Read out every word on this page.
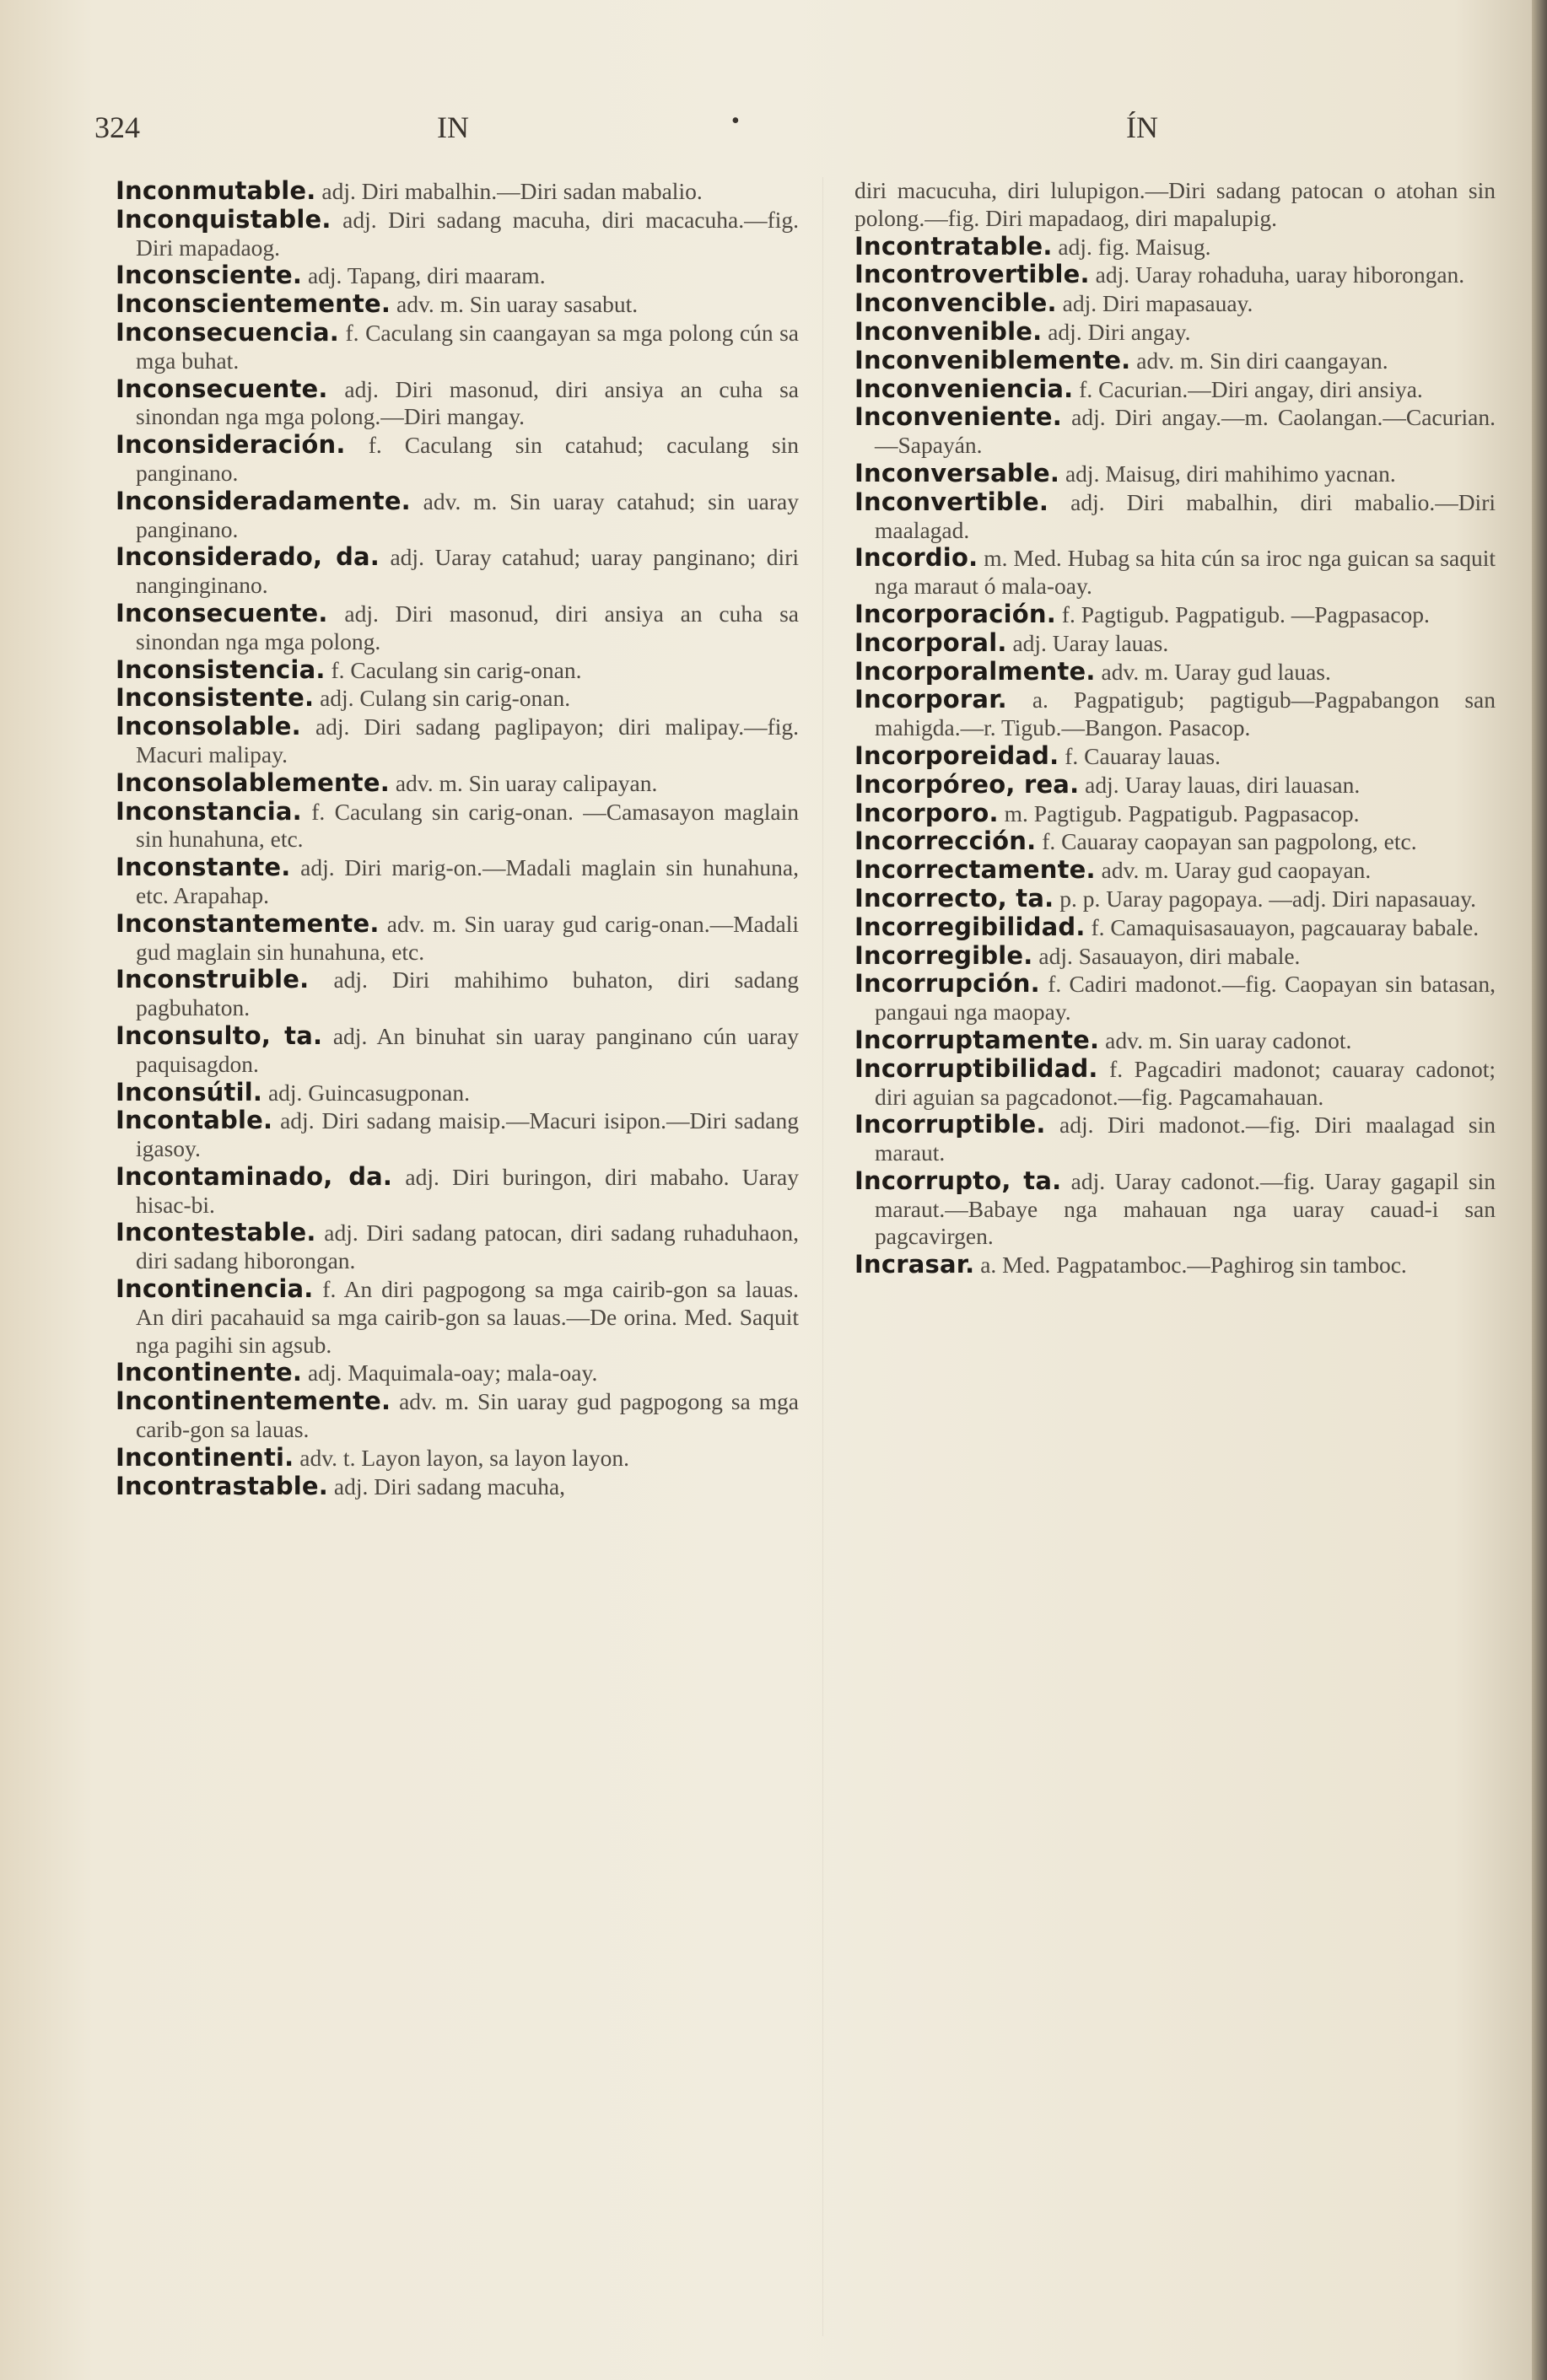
324	IN	•	ÍN

Inconmutable. adj. Diri mabalhin.—Diri sadan mabalio.

Inconquistable. adj. Diri sadang macuha, diri macacuha.—fig. Diri mapadaog.

Inconsciente. adj. Tapang, diri maaram.

Inconscientemente. adv. m. Sin uaray sasabut.

Inconsecuencia. f. Caculang sin caangayan sa mga polong cún sa mga buhat.

Inconsecuente. adj. Diri masonud, diri ansiya an cuha sa sinondan nga mga polong.—Diri mangay.

Inconsideración. f. Caculang sin catahud; caculang sin panginano.

Inconsideradamente. adv. m. Sin uaray catahud; sin uaray panginano.

Inconsiderado, da. adj. Uaray catahud; uaray panginano; diri nanginginano.

Inconsecuente. adj. Diri masonud, diri ansiya an cuha sa sinondan nga mga polong.

Inconsistencia. f. Caculang sin carig-onan.

Inconsistente. adj. Culang sin carig-onan.

Inconsolable. adj. Diri sadang paglipayon; diri malipay.—fig. Macuri malipay.

Inconsolablemente. adv. m. Sin uaray calipayan.

Inconstancia. f. Caculang sin carig-onan. —Camasayon maglain sin hunahuna, etc.

Inconstante. adj. Diri marig-on.—Madali maglain sin hunahuna, etc. Arapahap.

Inconstantemente. adv. m. Sin uaray gud carig-onan.—Madali gud maglain sin hunahuna, etc.

Inconstruible. adj. Diri mahihimo buhaton, diri sadang pagbuhaton.

Inconsulto, ta. adj. An binuhat sin uaray panginano cún uaray paquisagdon.

Inconsútil. adj. Guincasugponan.

Incontable. adj. Diri sadang maisip.—Macuri isipon.—Diri sadang igasoy.

Incontaminado, da. adj. Diri buringon, diri mabaho. Uaray hisac-bi.

Incontestable. adj. Diri sadang patocan, diri sadang ruhaduhaon, diri sadang hiborongan.

Incontinencia. f. An diri pagpogong sa mga cairib-gon sa lauas. An diri pacahauid sa mga cairib-gon sa lauas.—De orina. Med. Saquit nga pagihi sin agsub.

Incontinente. adj. Maquimala-oay; mala-oay.

Incontinentemente. adv. m. Sin uaray gud pagpogong sa mga carib-gon sa lauas.

Incontinenti. adv. t. Layon layon, sa layon layon.

Incontrastable. adj. Diri sadang macuha,

diri macucuha, diri lulupigon.—Diri sadang patocan o atohan sin polong.—fig. Diri mapadaog, diri mapalupig.

Incontratable. adj. fig. Maisug.

Incontrovertible. adj. Uaray rohaduha, uaray hiborongan.

Inconvencible. adj. Diri mapasauay.

Inconvenible. adj. Diri angay.

Inconveniblemente. adv. m. Sin diri caangayan.

Inconveniencia. f. Cacurian.—Diri angay, diri ansiya.

Inconveniente. adj. Diri angay.—m. Caolangan.—Cacurian.—Sapayán.

Inconversable. adj. Maisug, diri mahihimo yacnan.

Inconvertible. adj. Diri mabalhin, diri mabalio.—Diri maalagad.

Incordio. m. Med. Hubag sa hita cún sa iroc nga guican sa saquit nga maraut ó mala-oay.

Incorporación. f. Pagtigub. Pagpatigub. —Pagpasacop.

Incorporal. adj. Uaray lauas.

Incorporalmente. adv. m. Uaray gud lauas.

Incorporar. a. Pagpatigub; pagtigub—Pagpabangon san mahigda.—r. Tigub.—Bangon. Pasacop.

Incorporeidad. f. Cauaray lauas.

Incorpóreo, rea. adj. Uaray lauas, diri lauasan.

Incorporo. m. Pagtigub. Pagpatigub. Pagpasacop.

Incorrección. f. Cauaray caopayan san pagpolong, etc.

Incorrectamente. adv. m. Uaray gud caopayan.

Incorrecto, ta. p. p. Uaray pagopaya. —adj. Diri napasauay.

Incorregibilidad. f. Camaquisasauayon, pagcauaray babale.

Incorregible. adj. Sasauayon, diri mabale.

Incorrupción. f. Cadiri madonot.—fig. Caopayan sin batasan, pangaui nga maopay.

Incorruptamente. adv. m. Sin uaray cadonot.

Incorruptibilidad. f. Pagcadiri madonot; cauaray cadonot; diri aguian sa pagcadonot.—fig. Pagcamahauan.

Incorruptible. adj. Diri madonot.—fig. Diri maalagad sin maraut.

Incorrupto, ta. adj. Uaray cadonot.—fig. Uaray gagapil sin maraut.—Babaye nga mahauan nga uaray cauad-i san pagcavirgen.

Incrasar. a. Med. Pagpatamboc.—Paghirog sin tamboc.
